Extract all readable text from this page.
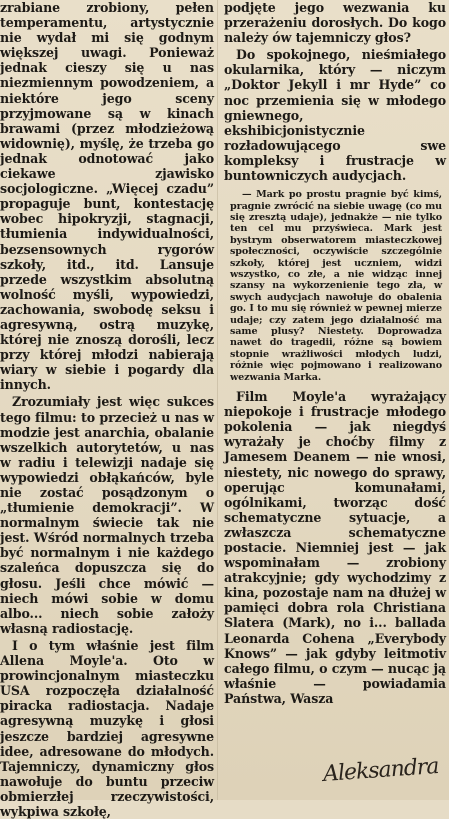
zrabiane zrobiony, pełen temperamentu, artystycznie nie wydał mi się godnym większej uwagi. Ponieważ jednak cieszy się u nas niezmiennym powodzeniem, a niektóre jego sceny przyjmowane są w kinach brawami (przez młodzieżową widownię), myślę, że trzeba go jednak odnotować jako ciekawe zjawisko socjologiczne. „Więcej czadu” propaguje bunt, kontestację wobec hipokryzji, stagnacji, tłumienia indywidualności, bezsensownych rygorów szkoły, itd., itd. Lansuje przede wszystkim absolutną wolność myśli, wypowiedzi, zachowania, swobodę seksu i agresywną, ostrą muzykę, której nie znoszą dorośli, lecz przy której młodzi nabierają wiary w siebie i pogardy dla innych.

Zrozumiały jest więc sukces tego filmu: to przecież u nas w modzie jest anarchia, obalanie wszelkich autorytetów, u nas w radiu i telewizji nadaje się wypowiedzi obłąkańców, byle nie zostać posądzonym o „tłumienie demokracji”. W normalnym świecie tak nie jest. Wśród normalnych trzeba być normalnym i nie każdego szaleńca dopuszcza się do głosu. Jeśli chce mówić — niech mówi sobie w domu albo... niech sobie założy własną radiostację.

I o tym właśnie jest film Allena Moyle'a. Oto w prowincjonalnym miasteczku USA rozpoczęła działalność piracka radiostacja. Nadaje agresywną muzykę i głosi jeszcze bardziej agresywne idee, adresowane do młodych. Tajemniczy, dynamiczny głos nawołuje do buntu przeciw obmierzłej rzeczywistości, wykpiwa szkołę,

podjęte jego wezwania ku przerażeniu dorosłych. Do kogo należy ów tajemniczy głos?

Do spokojnego, nieśmiałego okularnika, który — niczym „Doktor Jekyll i mr Hyde” co noc przemienia się w młodego gniewnego, ekshibicjonistycznie rozładowującego swe kompleksy i frustracje w buntowniczych audycjach.

— Mark po prostu pragnie być kimś, pragnie zwrócić na siebie uwagę (co mu się zresztą udaje), jednakże — nie tylko ten cel mu przyświeca. Mark jest bystrym obserwatorem miasteczkowej społeczności, oczywiście szczególnie szkoły, której jest uczniem, widzi wszystko, co złe, a nie widząc innej szansy na wykorzenienie tego zła, w swych audycjach nawołuje do obalenia go. I to mu się również w pewnej mierze udaje; czy zatem jego działalność ma same plusy? Niestety. Doprowadza nawet do tragedii, różne są bowiem stopnie wrażliwości młodych ludzi, różnie więc pojmowano i realizowano wezwania Marka.

Film Moyle'a wyrażający niepokoje i frustracje młodego pokolenia — jak niegdyś wyrażały je choćby filmy z Jamesem Deanem — nie wnosi, niestety, nic nowego do sprawy, operując komunałami, ogólnikami, tworząc dość schematyczne sytuacje, a zwłaszcza schematyczne postacie. Niemniej jest — jak wspominałam — zrobiony atrakcyjnie; gdy wychodzimy z kina, pozostaje nam na dłużej w pamięci dobra rola Christiana Slatera (Mark), no i... ballada Leonarda Cohena „Everybody Knows” — jak gdyby leitmotiv całego filmu, o czym — nucąc ją właśnie — powiadamia Państwa, Wasza

Aleksandra
